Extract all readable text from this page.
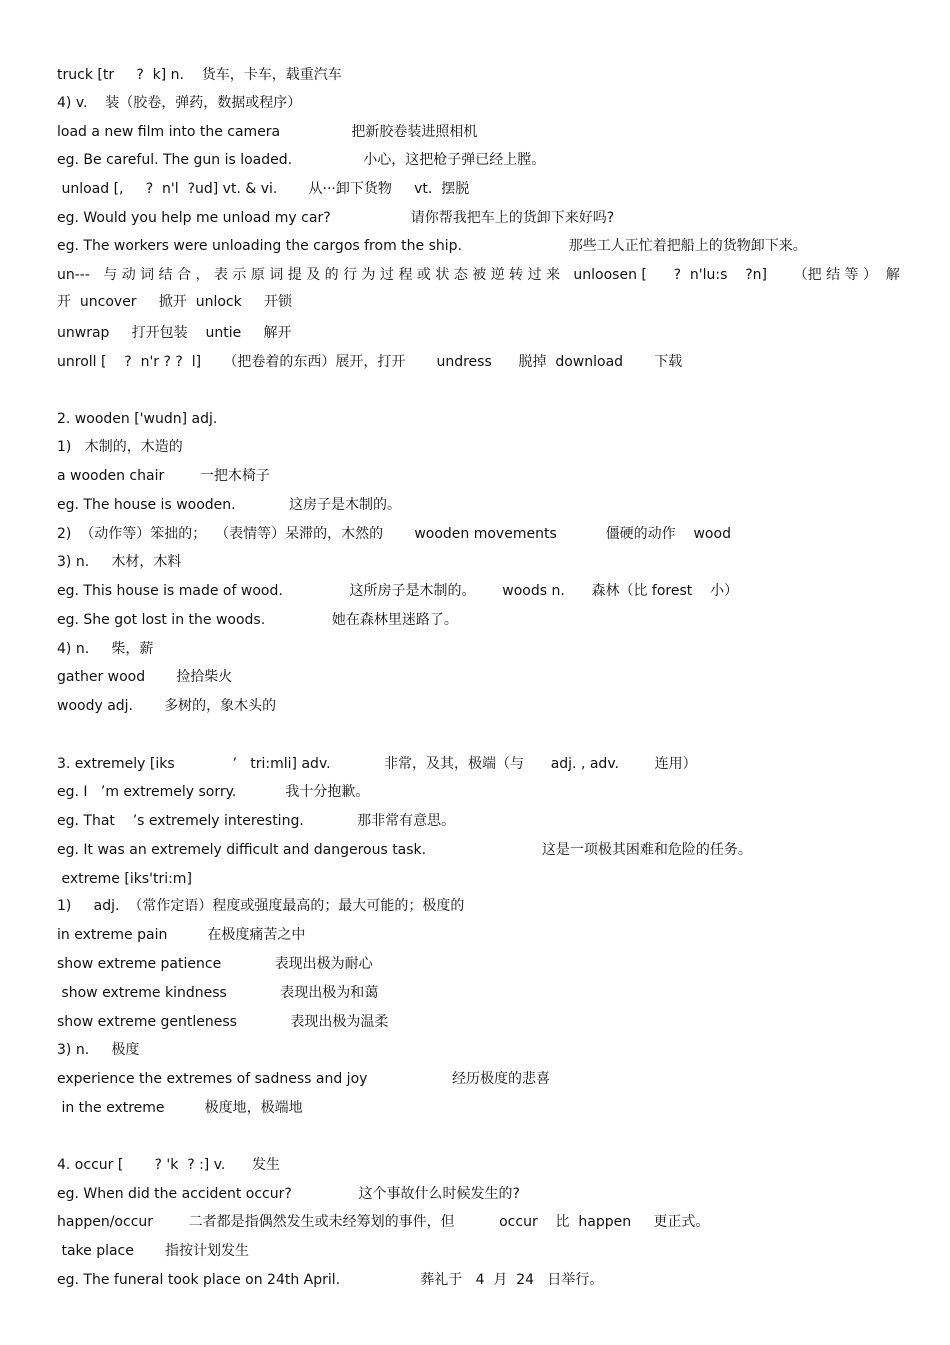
truck [tr     ?  k] n.    货车，卡车，载重汽车
4) v.    装（胶卷，弹药，数据或程序）
load a new film into the camera                把新胶卷装进照相机
eg. Be careful. The gun is loaded.                小心，这把枪子弹已经上膛。
unload [,     ?  n'l  ?ud] vt. & vi.       从···卸下货物     vt.  摆脱
eg. Would you help me unload my car?                  请你帮我把车上的货卸下来好吗?
eg. The workers were unloading the cargos from the ship.                        那些工人正忙着把船上的货物卸下来。
un---   与 动 词 结 合 ， 表 示 原 词 提 及 的 行 为 过 程 或 状 态 被 逆 转 过 来   unloosen [      ?  n'lu:s    ?n]      （把 结 等 ）  解
开  uncover     掀开  unlock     开锁
unwrap     打开包装    untie     解开
unroll [    ?  n'r ? ?  l]     （把卷着的东西）展开，打开       undress      脱掉  download       下载
2. wooden ['wudn] adj.
1)   木制的，木造的
a wooden chair        一把木椅子
eg. The house is wooden.            这房子是木制的。
2)  （动作等）笨拙的；  （表情等）呆滞的，木然的       wooden movements           僵硬的动作    wood
3) n.     木材，木料
eg. This house is made of wood.               这所房子是木制的。      woods n.      森林（比 forest    小）
eg. She got lost in the woods.               她在森林里迷路了。
4) n.     柴，薪
gather wood       捡拾柴火
woody adj.       多树的，象木头的
3. extremely [iks             ’   tri:mli] adv.            非常，及其，极端（与      adj. , adv.        连用）
eg. I   ’m extremely sorry.           我十分抱歉。
eg. That    ’s extremely interesting.            那非常有意思。
eg. It was an extremely difficult and dangerous task.                          这是一项极其困难和危险的任务。
extreme [iks'tri:m]
1)     adj.  （常作定语）程度或强度最高的；最大可能的；极度的
in extreme pain         在极度痛苦之中
show extreme patience            表现出极为耐心
show extreme kindness            表现出极为和蔼
show extreme gentleness            表现出极为温柔
3) n.     极度
experience the extremes of sadness and joy                   经历极度的悲喜
in the extreme         极度地，极端地
4. occur [       ? 'k  ? :] v.      发生
eg. When did the accident occur?               这个事故什么时候发生的?
happen/occur        二者都是指偶然发生或未经筹划的事件，但          occur    比  happen     更正式。
take place       指按计划发生
eg. The funeral took place on 24th April.                  葬礼于   4  月  24   日举行。
